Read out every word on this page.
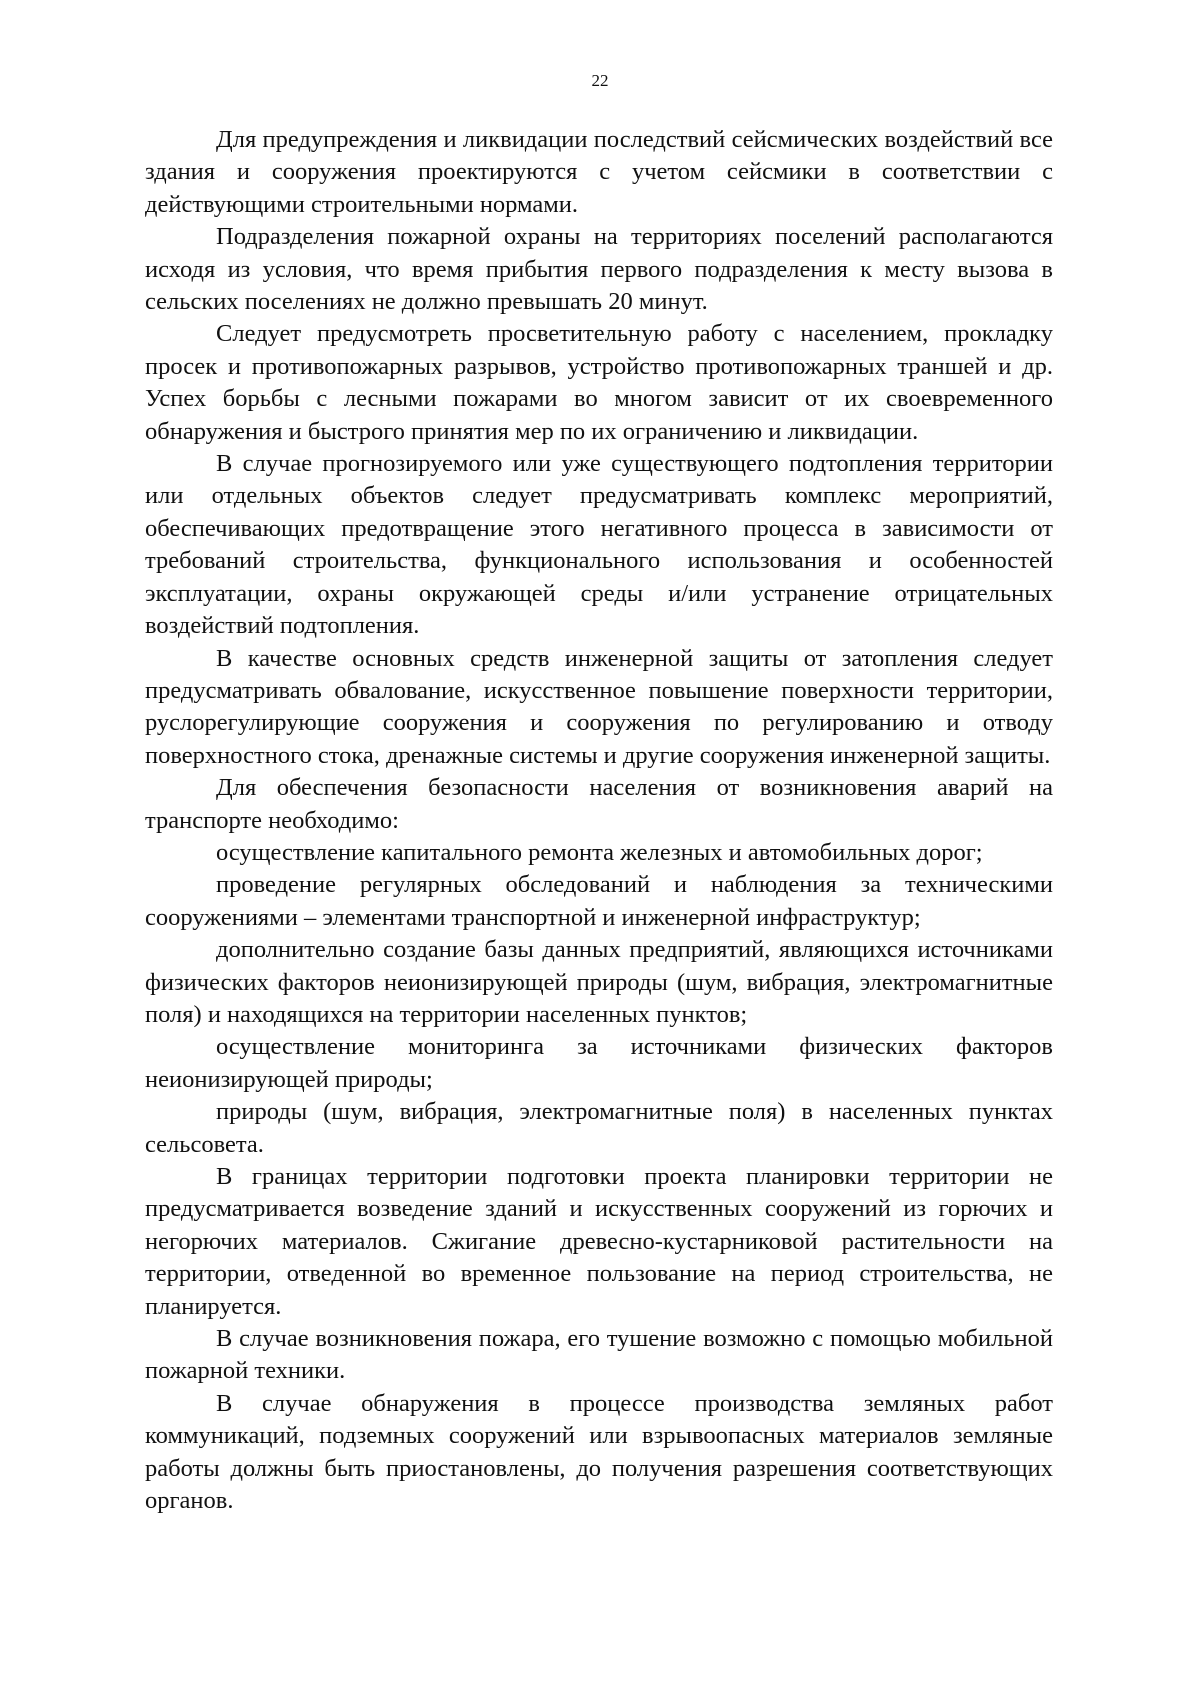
22

Для предупреждения и ликвидации последствий сейсмических воздействий все здания и сооружения проектируются с учетом сейсмики в соответствии с действующими строительными нормами.

Подразделения пожарной охраны на территориях поселений располагаются исходя из условия, что время прибытия первого подразделения к месту вызова в сельских поселениях не должно превышать 20 минут.

Следует предусмотреть просветительную работу с населением, прокладку просек и противопожарных разрывов, устройство противопожарных траншей и др. Успех борьбы с лесными пожарами во многом зависит от их своевременного обнаружения и быстрого принятия мер по их ограничению и ликвидации.

В случае прогнозируемого или уже существующего подтопления территории или отдельных объектов следует предусматривать комплекс мероприятий, обеспечивающих предотвращение этого негативного процесса в зависимости от требований строительства, функционального использования и особенностей эксплуатации, охраны окружающей среды и/или устранение отрицательных воздействий подтопления.

В качестве основных средств инженерной защиты от затопления следует предусматривать обвалование, искусственное повышение поверхности территории, руслорегулирующие сооружения и сооружения по регулированию и отводу поверхностного стока, дренажные системы и другие сооружения инженерной защиты.

Для обеспечения безопасности населения от возникновения аварий на транспорте необходимо:

осуществление капитального ремонта железных и автомобильных дорог;

проведение регулярных обследований и наблюдения за техническими сооружениями – элементами транспортной и инженерной инфраструктур;

дополнительно создание базы данных предприятий, являющихся источниками физических факторов неионизирующей природы (шум, вибрация, электромагнитные поля) и находящихся на территории населенных пунктов;

осуществление мониторинга за источниками физических факторов неионизирующей природы;

природы (шум, вибрация, электромагнитные поля) в населенных пунктах сельсовета.

В границах территории подготовки проекта планировки территории не предусматривается возведение зданий и искусственных сооружений из горючих и негорючих материалов. Сжигание древесно-кустарниковой растительности на территории, отведенной во временное пользование на период строительства, не планируется.

В случае возникновения пожара, его тушение возможно с помощью мобильной пожарной техники.

В случае обнаружения в процессе производства земляных работ коммуникаций, подземных сооружений или взрывоопасных материалов земляные работы должны быть приостановлены, до получения разрешения соответствующих органов.
